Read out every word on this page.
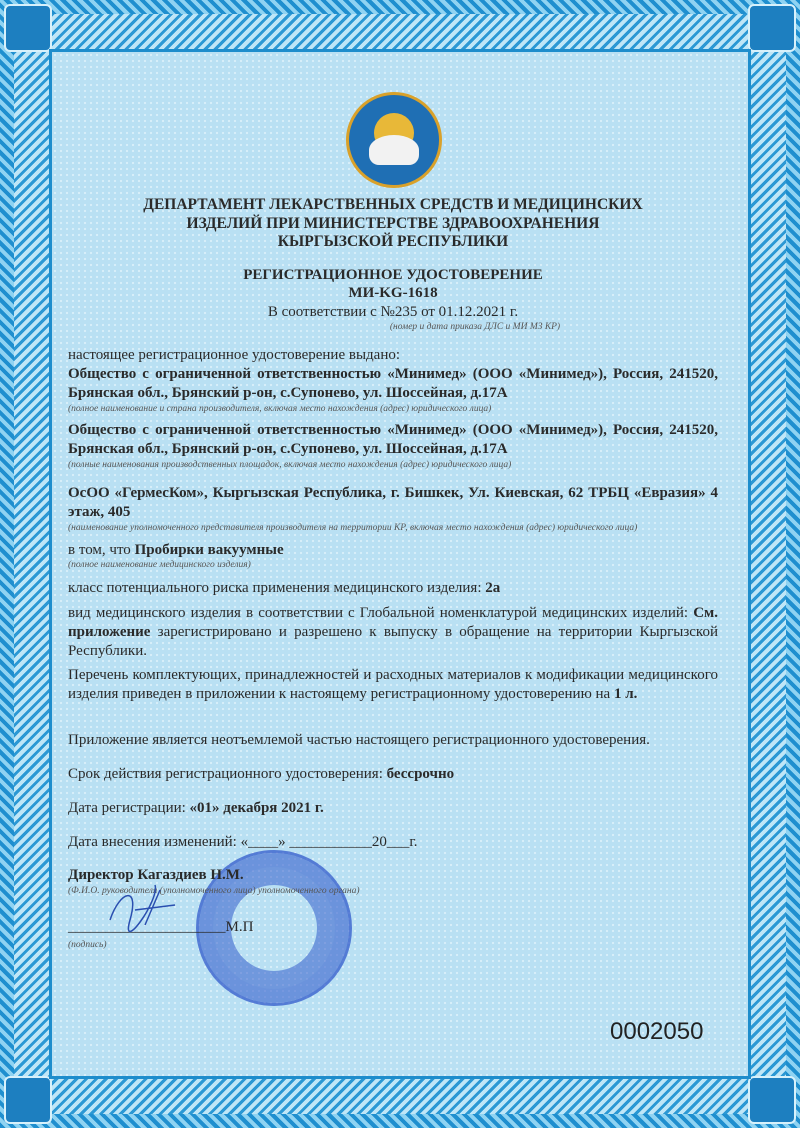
ДЕПАРТАМЕНТ ЛЕКАРСТВЕННЫХ СРЕДСТВ И МЕДИЦИНСКИХ
ИЗДЕЛИЙ ПРИ МИНИСТЕРСТВЕ ЗДРАВООХРАНЕНИЯ
КЫРГЫЗСКОЙ РЕСПУБЛИКИ
РЕГИСТРАЦИОННОЕ УДОСТОВЕРЕНИЕ
МИ-KG-1618
В соответствии с №235 от 01.12.2021 г.
(номер и дата приказа ДЛС и МИ МЗ КР)
настоящее регистрационное удостоверение выдано:
Общество с ограниченной ответственностью «Минимед» (ООО «Минимед»), Россия, 241520, Брянская обл., Брянский р-он, с.Супонево, ул. Шоссейная, д.17А
(полное наименование и страна производителя, включая место нахождения (адрес) юридического лица)
Общество с ограниченной ответственностью «Минимед» (ООО «Минимед»), Россия, 241520, Брянская обл., Брянский р-он, с.Супонево, ул. Шоссейная, д.17А
(полные наименования производственных площадок, включая место нахождения (адрес) юридического лица)
ОсОО «ГермесКом», Кыргызская Республика, г. Бишкек, Ул. Киевская, 62 ТРБЦ «Евразия» 4 этаж, 405
(наименование уполномоченного представителя производителя на территории КР, включая место нахождения (адрес) юридического лица)
в том, что Пробирки вакуумные
(полное наименование медицинского изделия)
класс потенциального риска применения медицинского изделия: 2а
вид медицинского изделия в соответствии с Глобальной номенклатурой медицинских изделий: См. приложение зарегистрировано и разрешено к выпуску в обращение на территории Кыргызской Республики.
Перечень комплектующих, принадлежностей и расходных материалов к модификации медицинского изделия приведен в приложении к настоящему регистрационному удостоверению на 1 л.
Приложение является неотъемлемой частью настоящего регистрационного удостоверения.
Срок действия регистрационного удостоверения: бессрочно
Дата регистрации: «01» декабря 2021 г.
Дата внесения изменений: «____» ___________20___г.
Директор Кагаздиев Н.М.
(Ф.И.О. руководителя (уполномоченного лица) уполномоченного органа)
_____________________М.П
(подпись)
0002050
